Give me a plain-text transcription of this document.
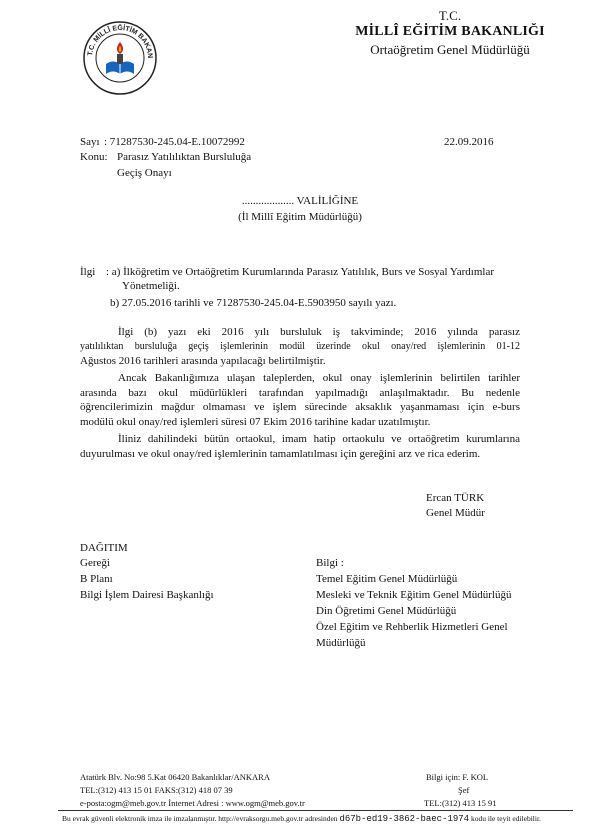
T.C. MİLLÎ EĞİTİM BAKAN
T.C.
MİLLÎ EĞİTİM BAKANLIĞI
Ortaöğretim Genel Müdürlüğü
Sayı : 71287530-245.04-E.10072992	22.09.2016
Konu: Parasız Yatılılıktan Bursluluğa
Geçiş Onayı
................... VALİLİĞİNE
(İl Millî Eğitim Müdürlüğü)
İlgi : a) İlköğretim ve Ortaöğretim Kurumlarında Parasız Yatılılık, Burs ve Sosyal Yardımlar
Yönetmeliği.
b) 27.05.2016 tarihli ve 71287530-245.04-E.5903950 sayılı yazı.
İlgi (b) yazı eki 2016 yılı bursluluk iş takviminde; 2016 yılında parasız
yatılılıktan bursluluğa geçiş işlemlerinin modül üzerinde okul onay/red işlemlerinin 01-12
Ağustos 2016 tarihleri arasında yapılacağı belirtilmiştir.
Ancak Bakanlığımıza ulaşan taleplerden, okul onay işlemlerinin belirtilen tarihler
arasında bazı okul müdürlükleri tarafından yapılmadığı anlaşılmaktadır. Bu nedenle
öğrencilerimizin mağdur olmaması ve işlem sürecinde aksaklık yaşanmaması için e-burs
modülü okul onay/red işlemleri süresi 07 Ekim 2016 tarihine kadar uzatılmıştır.
İliniz dahilindeki bütün ortaokul, imam hatip ortaokulu ve ortaöğretim kurumlarına
duyurulması ve okul onay/red işlemlerinin tamamlatılması için gereğini arz ve rica ederim.
Ercan TÜRK
Genel Müdür
DAĞITIM
Gereği
B Planı
Bilgi İşlem Dairesi Başkanlığı
Bilgi :
Temel Eğitim Genel Müdürlüğü
Mesleki ve Teknik Eğitim Genel Müdürlüğü
Din Öğretimi Genel Müdürlüğü
Özel Eğitim ve Rehberlik Hizmetleri Genel
Müdürlüğü
Atatürk Blv. No:98 5.Kat 06420 Bakanlıklar/ANKARA
TEL:(312) 413 15 01 FAKS:(312) 418 07 39
e-posta:ogm@meb.gov.tr İnternet Adresi : www.ogm@meb.gov.tr
Bilgi için: F. KOL
Şef
TEL:(312) 413 15 91
Bu evrak güvenli elektronik imza ile imzalanmıştır. http://evraksorgu.meb.gov.tr adresinden d67b-ed19-3862-baec-1974 kodu ile teyit edilebilir.
